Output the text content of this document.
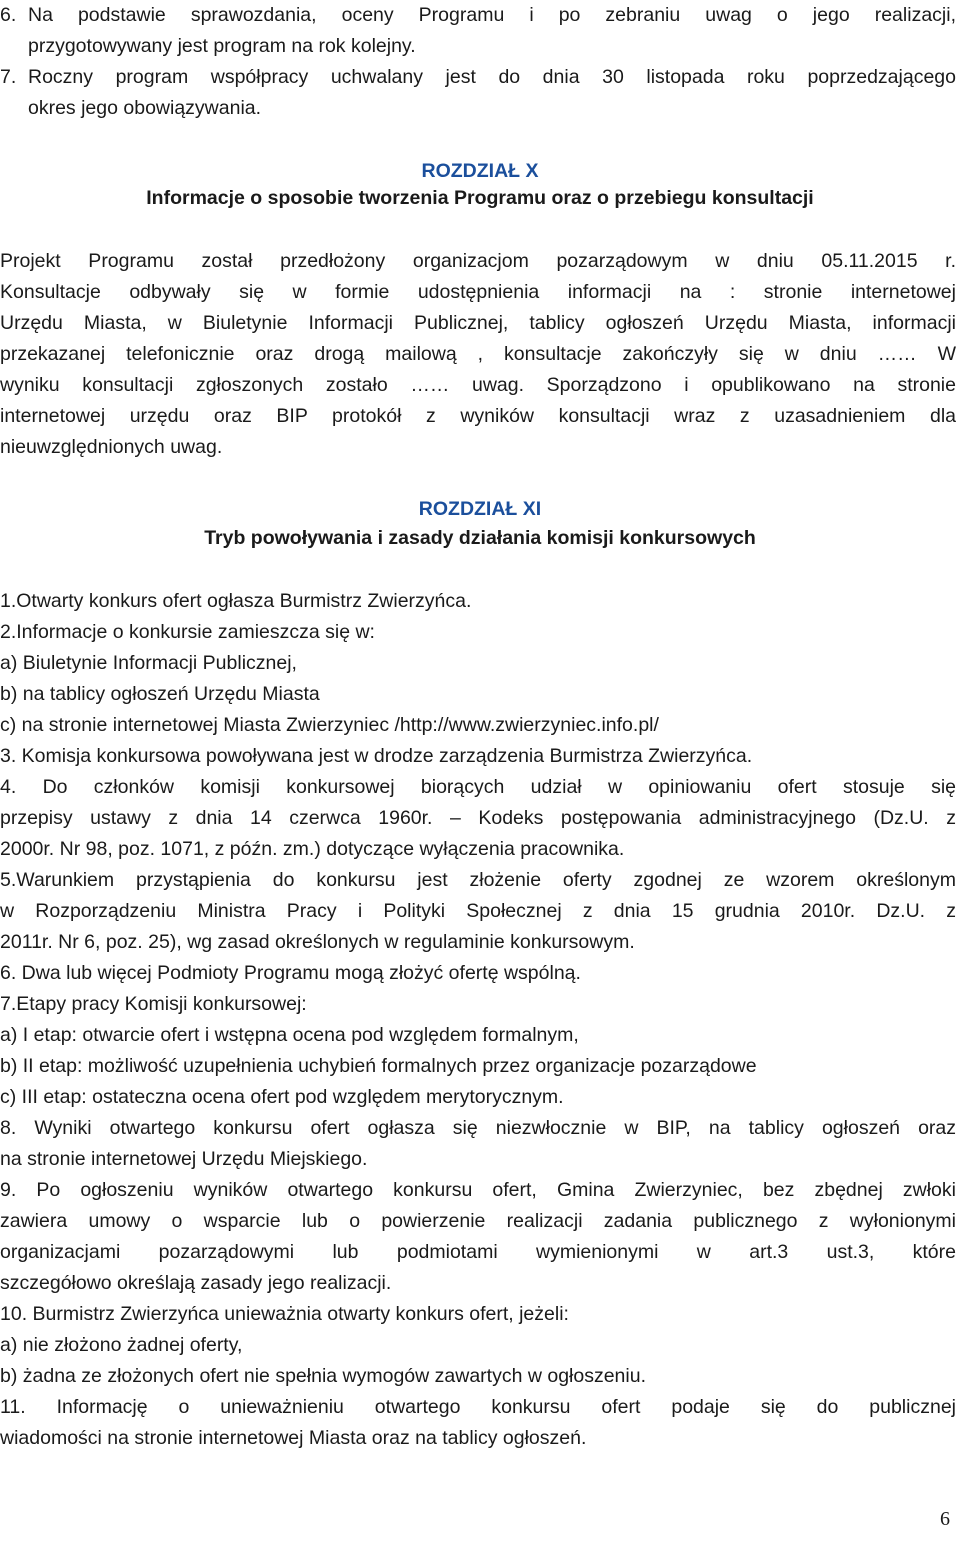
6. Na podstawie sprawozdania, oceny Programu i po zebraniu uwag o jego realizacji,
przygotowywany jest program na rok kolejny.
7. Roczny program współpracy uchwalany jest do dnia 30 listopada roku poprzedzającego
okres jego obowiązywania.
ROZDZIAŁ X
Informacje o sposobie tworzenia Programu oraz o przebiegu konsultacji
Projekt Programu został przedłożony organizacjom pozarządowym w dniu 05.11.2015 r.
Konsultacje odbywały się w formie udostępnienia informacji na : stronie internetowej
Urzędu Miasta, w Biuletynie Informacji Publicznej, tablicy ogłoszeń Urzędu Miasta, informacji
przekazanej telefonicznie oraz drogą mailową , konsultacje zakończyły się w dniu …… W
wyniku konsultacji zgłoszonych zostało …… uwag. Sporządzono i opublikowano na stronie
internetowej urzędu oraz BIP protokół z wyników konsultacji wraz z uzasadnieniem dla
nieuwzględnionych uwag.
ROZDZIAŁ XI
Tryb powoływania i zasady działania komisji konkursowych
1.Otwarty konkurs ofert ogłasza Burmistrz Zwierzyńca.
2.Informacje o konkursie zamieszcza się w:
a) Biuletynie Informacji Publicznej,
b) na tablicy ogłoszeń Urzędu Miasta
c) na stronie internetowej Miasta Zwierzyniec /http://www.zwierzyniec.info.pl/
3. Komisja konkursowa powoływana jest w drodze zarządzenia Burmistrza Zwierzyńca.
4. Do członków komisji konkursowej biorących udział w opiniowaniu ofert stosuje się
przepisy ustawy z dnia 14 czerwca 1960r. – Kodeks postępowania administracyjnego (Dz.U. z
2000r. Nr 98, poz. 1071, z późn. zm.) dotyczące wyłączenia pracownika.
5.Warunkiem przystąpienia do konkursu jest złożenie oferty zgodnej ze wzorem określonym
w Rozporządzeniu Ministra Pracy i Polityki Społecznej z dnia 15 grudnia 2010r. Dz.U. z
2011r. Nr 6, poz. 25), wg zasad określonych w regulaminie konkursowym.
6. Dwa lub więcej Podmioty Programu mogą złożyć ofertę wspólną.
7.Etapy pracy Komisji konkursowej:
a) I etap: otwarcie ofert i wstępna ocena pod względem formalnym,
b) II etap: możliwość uzupełnienia uchybień formalnych przez organizacje pozarządowe
c) III etap: ostateczna ocena ofert pod względem merytorycznym.
8. Wyniki otwartego konkursu ofert ogłasza się niezwłocznie w BIP, na tablicy ogłoszeń oraz
na stronie internetowej Urzędu Miejskiego.
9. Po ogłoszeniu wyników otwartego konkursu ofert, Gmina Zwierzyniec, bez zbędnej zwłoki
zawiera umowy o wsparcie lub o powierzenie realizacji zadania publicznego z wyłonionymi
organizacjami pozarządowymi lub podmiotami wymienionymi w art.3 ust.3, które
szczegółowo określają zasady jego realizacji.
10. Burmistrz Zwierzyńca unieważnia otwarty konkurs ofert, jeżeli:
a) nie złożono żadnej oferty,
b) żadna ze złożonych ofert nie spełnia wymogów zawartych w ogłoszeniu.
11. Informację o unieważnieniu otwartego konkursu ofert podaje się do publicznej
wiadomości na stronie internetowej Miasta oraz na tablicy ogłoszeń.
6
